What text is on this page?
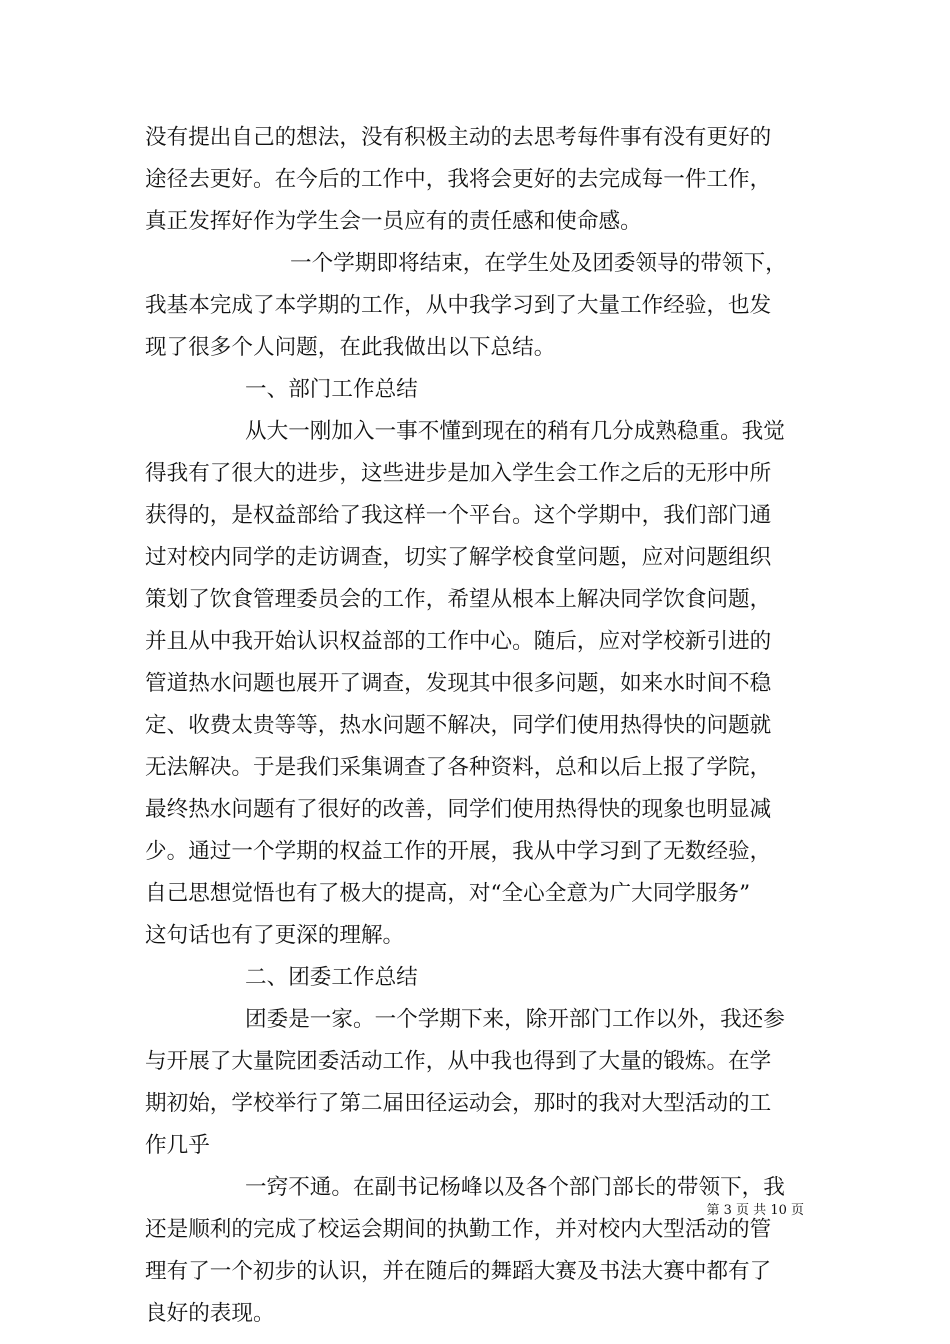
没有提出自己的想法，没有积极主动的去思考每件事有没有更好的
途径去更好。在今后的工作中，我将会更好的去完成每一件工作，
真正发挥好作为学生会一员应有的责任感和使命感。
一个学期即将结束，在学生处及团委领导的带领下，
我基本完成了本学期的工作，从中我学习到了大量工作经验，也发
现了很多个人问题，在此我做出以下总结。
一、部门工作总结
从大一刚加入一事不懂到现在的稍有几分成熟稳重。我觉
得我有了很大的进步，这些进步是加入学生会工作之后的无形中所
获得的，是权益部给了我这样一个平台。这个学期中，我们部门通
过对校内同学的走访调查，切实了解学校食堂问题，应对问题组织
策划了饮食管理委员会的工作，希望从根本上解决同学饮食问题，
并且从中我开始认识权益部的工作中心。随后，应对学校新引进的
管道热水问题也展开了调查，发现其中很多问题，如来水时间不稳
定、收费太贵等等，热水问题不解决，同学们使用热得快的问题就
无法解决。于是我们采集调查了各种资料，总和以后上报了学院，
最终热水问题有了很好的改善，同学们使用热得快的现象也明显减
少。通过一个学期的权益工作的开展，我从中学习到了无数经验，
自己思想觉悟也有了极大的提高，对“全心全意为广大同学服务”
这句话也有了更深的理解。
二、团委工作总结
团委是一家。一个学期下来，除开部门工作以外，我还参
与开展了大量院团委活动工作，从中我也得到了大量的锻炼。在学
期初始，学校举行了第二届田径运动会，那时的我对大型活动的工
作几乎
一窍不通。在副书记杨峰以及各个部门部长的带领下，我
还是顺利的完成了校运会期间的执勤工作，并对校内大型活动的管
理有了一个初步的认识，并在随后的舞蹈大赛及书法大赛中都有了
良好的表现。
第 3 页 共 10 页
